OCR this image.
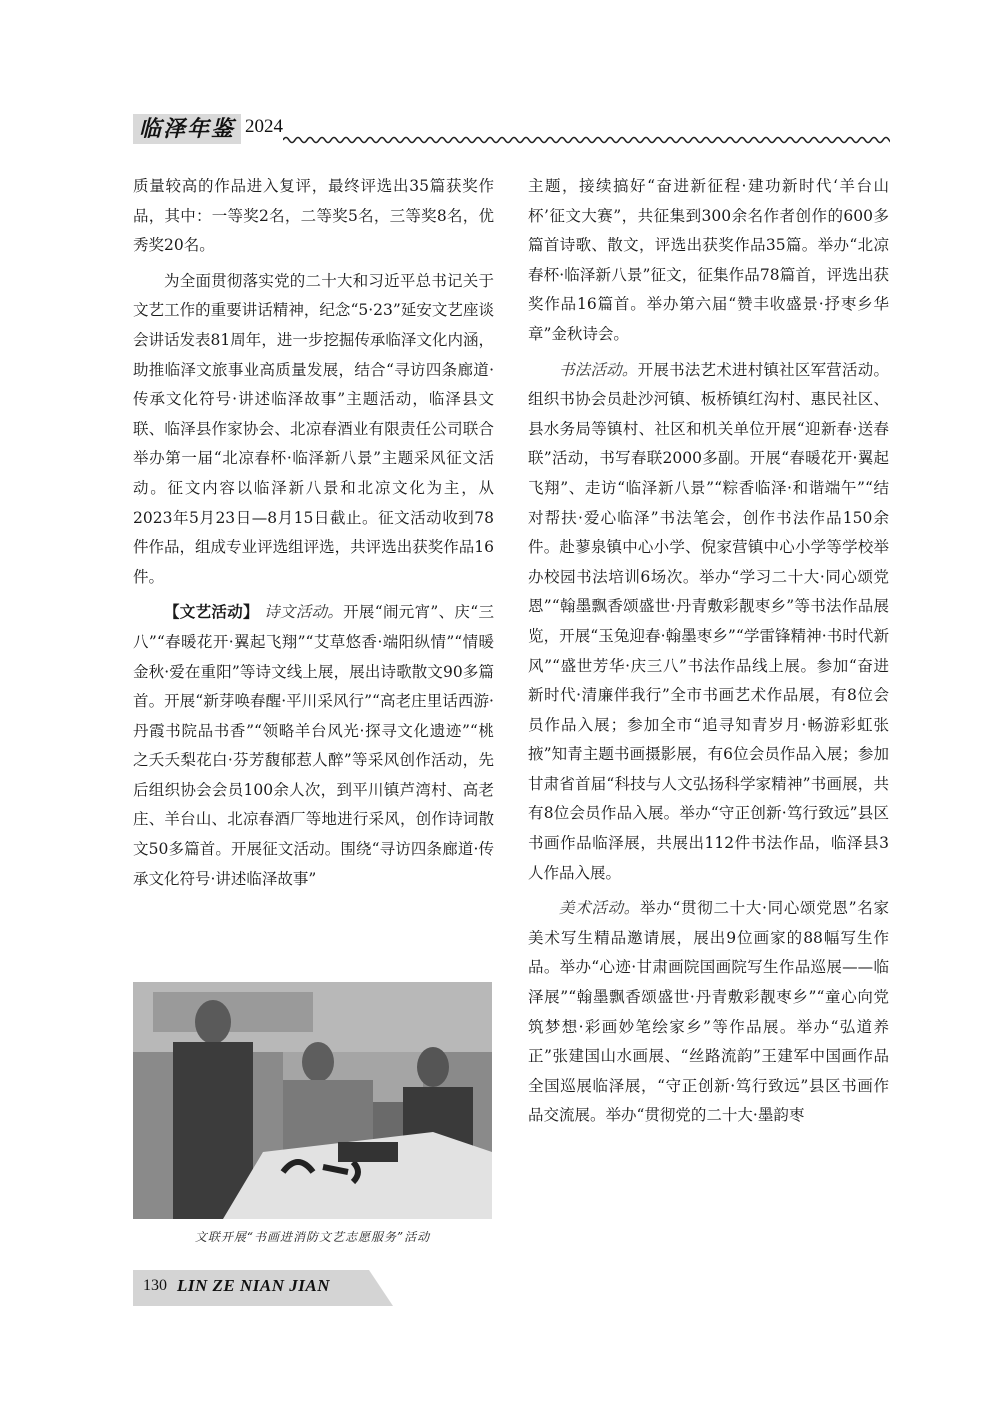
临泽年鉴 2024

质量较高的作品进入复评，最终评选出35篇获奖作品，其中：一等奖2名，二等奖5名，三等奖8名，优秀奖20名。

为全面贯彻落实党的二十大和习近平总书记关于文艺工作的重要讲话精神，纪念“5·23”延安文艺座谈会讲话发表81周年，进一步挖掘传承临泽文化内涵，助推临泽文旅事业高质量发展，结合“寻访四条廊道·传承文化符号·讲述临泽故事”主题活动，临泽县文联、临泽县作家协会、北凉春酒业有限责任公司联合举办第一届“北凉春杯·临泽新八景”主题采风征文活动。征文内容以临泽新八景和北凉文化为主，从2023年5月23日—8月15日截止。征文活动收到78件作品，组成专业评选组评选，共评选出获奖作品16件。

【文艺活动】 诗文活动。开展“闹元宵”、庆“三八”“春暖花开·翼起飞翔”“艾草悠香·端阳纵情”“情暖金秋·爱在重阳”等诗文线上展，展出诗歌散文90多篇首。开展“新芽唤春醒·平川采风行”“高老庄里话西游·丹霞书院品书香”“领略羊台风光·探寻文化遗迹”“桃之夭夭梨花白·芬芳馥郁惹人醉”等采风创作活动，先后组织协会会员100余人次，到平川镇芦湾村、高老庄、羊台山、北凉春酒厂等地进行采风，创作诗词散文50多篇首。开展征文活动。围绕“寻访四条廊道·传承文化符号·讲述临泽故事”

文联开展“书画进消防文艺志愿服务”活动

主题，接续搞好“奋进新征程·建功新时代‘羊台山杯’征文大赛”，共征集到300余名作者创作的600多篇首诗歌、散文，评选出获奖作品35篇。举办“北凉春杯·临泽新八景”征文，征集作品78篇首，评选出获奖作品16篇首。举办第六届“赞丰收盛景·抒枣乡华章”金秋诗会。

书法活动。开展书法艺术进村镇社区军营活动。组织书协会员赴沙河镇、板桥镇红沟村、惠民社区、县水务局等镇村、社区和机关单位开展“迎新春·送春联”活动，书写春联2000多副。开展“春暖花开·翼起飞翔”、走访“临泽新八景”“粽香临泽·和谐端午”“结对帮扶·爱心临泽”书法笔会，创作书法作品150余件。赴蓼泉镇中心小学、倪家营镇中心小学等学校举办校园书法培训6场次。举办“学习二十大·同心颂党恩”“翰墨飘香颂盛世·丹青敷彩靓枣乡”等书法作品展览，开展“玉兔迎春·翰墨枣乡”“学雷锋精神·书时代新风”“盛世芳华·庆三八”书法作品线上展。参加“奋进新时代·清廉伴我行”全市书画艺术作品展，有8位会员作品入展；参加全市“追寻知青岁月·畅游彩虹张掖”知青主题书画摄影展，有6位会员作品入展；参加甘肃省首届“科技与人文弘扬科学家精神”书画展，共有8位会员作品入展。举办“守正创新·笃行致远”县区书画作品临泽展，共展出112件书法作品，临泽县3人作品入展。

美术活动。举办“贯彻二十大·同心颂党恩”名家美术写生精品邀请展，展出9位画家的88幅写生作品。举办“心迹·甘肃画院国画院写生作品巡展——临泽展”“翰墨飘香颂盛世·丹青敷彩靓枣乡”“童心向党筑梦想·彩画妙笔绘家乡”等作品展。举办“弘道养正”张建国山水画展、“丝路流韵”王建军中国画作品全国巡展临泽展，“守正创新·笃行致远”县区书画作品交流展。举办“贯彻党的二十大·墨韵枣

130 LIN ZE NIAN JIAN
